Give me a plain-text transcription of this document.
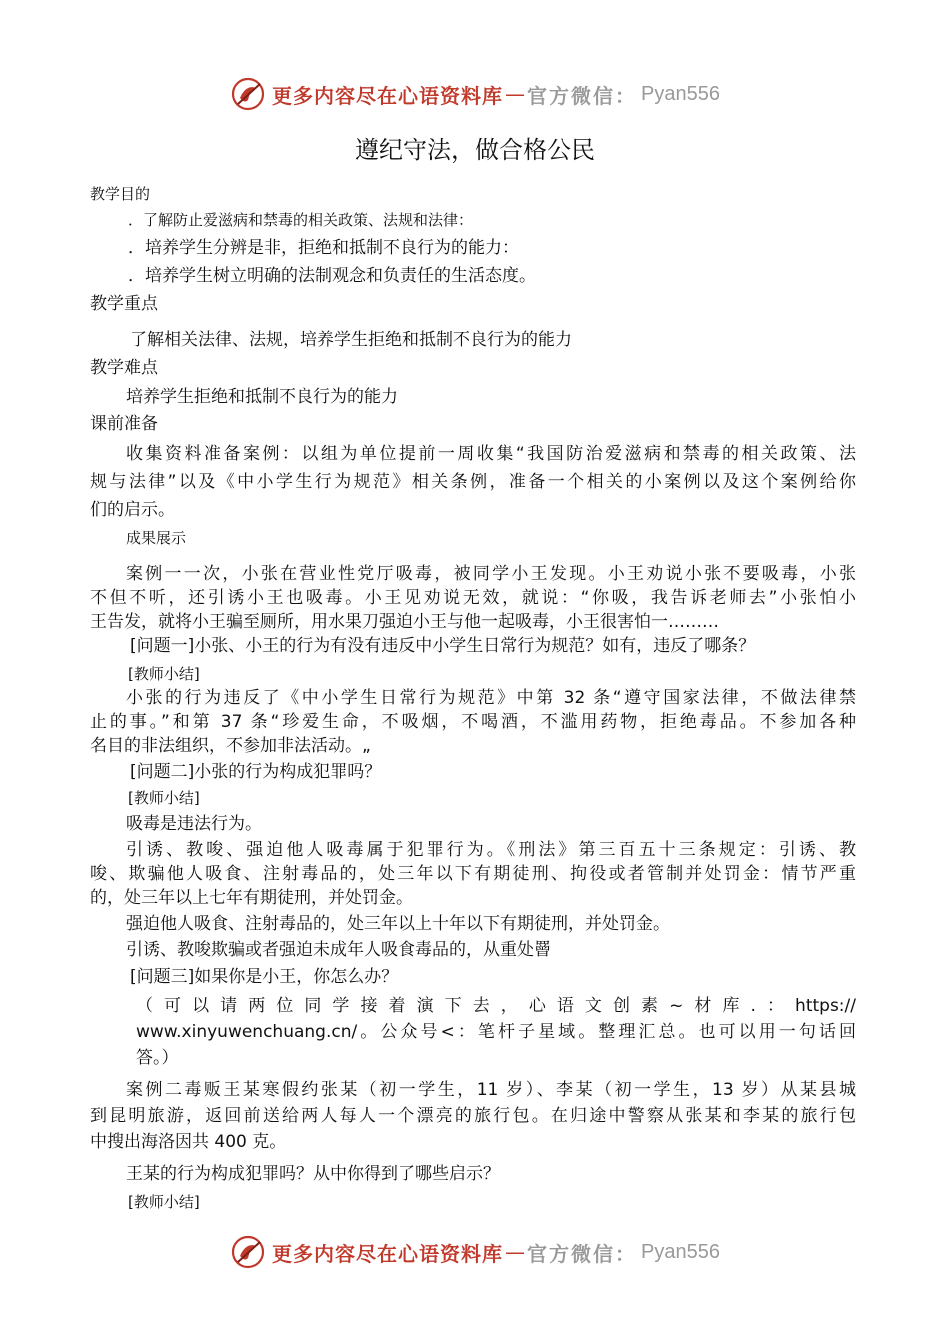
更多内容尽在心语资料库 — 官方微信： Pyan556
遵纪守法，做合格公民
教学目的
．了解防止爱滋病和禁毒的相关政策、法规和法律：
．培养学生分辨是非，拒绝和抵制不良行为的能力：
．培养学生树立明确的法制观念和负责任的生活态度。
教学重点
了解相关法律、法规，培养学生拒绝和抵制不良行为的能力
教学难点
培养学生拒绝和抵制不良行为的能力
课前准备
收集资料准备案例：以组为单位提前一周收集“我国防治爱滋病和禁毒的相关政策、法
规与法律”以及《中小学生行为规范》相关条例，准备一个相关的小案例以及这个案例给你
们的启示。
成果展示
案例一一次，小张在营业性党厅吸毒，被同学小王发现。小王劝说小张不要吸毒，小张
不但不听，还引诱小王也吸毒。小王见劝说无效，就说：“你吸，我告诉老师去”小张怕小
王告发，就将小王骗至厕所，用水果刀强迫小王与他一起吸毒，小王很害怕一………
[问题一]小张、小王的行为有没有违反中小学生日常行为规范？如有，违反了哪条？
[教师小结]
小张的行为违反了《中小学生日常行为规范》中第 32 条“遵守国家法律，不做法律禁
止的事。”和第 37 条“珍爱生命，不吸烟，不喝酒，不滥用药物，拒绝毒品。不参加各种
名目的非法组织，不参加非法活动。„
[问题二]小张的行为构成犯罪吗？
[教师小结]
吸毒是违法行为。
引诱、教唆、强迫他人吸毒属于犯罪行为。《刑法》第三百五十三条规定：引诱、教
唆、欺骗他人吸食、注射毒品的，处三年以下有期徒刑、拘役或者管制并处罚金：情节严重
的，处三年以上七年有期徒刑，并处罚金。
强迫他人吸食、注射毒品的，处三年以上十年以下有期徒刑，并处罚金。
引诱、教唆欺骗或者强迫未成年人吸食毒品的，从重处罾
[问题三]如果你是小王，你怎么办？
（可以请两位同学接着演下去，心语文创素~材库.：https://
www.xinyuwenchuang.cn/。公众号<：笔杆子星域。整理汇总。也可以用一句话回
答。）
案例二毒贩王某寒假约张某（初一学生，11 岁）、李某（初一学生，13 岁）从某县城
到昆明旅游，返回前送给两人每人一个漂亮的旅行包。在归途中警察从张某和李某的旅行包
中搜出海洛因共 400 克。
王某的行为构成犯罪吗？从中你得到了哪些启示？
[教师小结]
更多内容尽在心语资料库 — 官方微信： Pyan556
